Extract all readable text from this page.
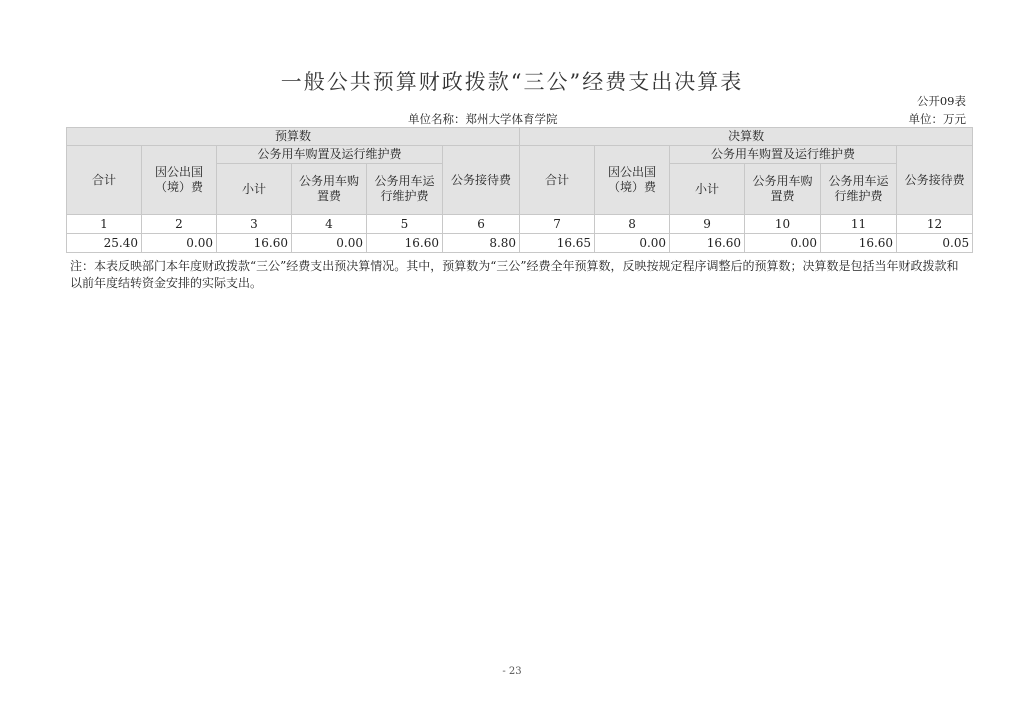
一般公共预算财政拨款“三公”经费支出决算表
公开09表
单位名称：郑州大学体育学院	单位：万元
预算数						决算数					
合计	因公出国（境）费	公务用车购置及运行维护费			公务接待费	合计	因公出国（境）费	公务用车购置及运行维护费			公务接待费
		小计	公务用车购置费	公务用车运行维护费				小计	公务用车购置费	公务用车运行维护费	
1	2	3	4	5	6	7	8	9	10	11	12
25.40	0.00	16.60	0.00	16.60	8.80	16.65	0.00	16.60	0.00	16.60	0.05
注：本表反映部门本年度财政拨款“三公”经费支出预决算情况。其中，预算数为“三公”经费全年预算数，反映按规定程序调整后的预算数；决算数是包括当年财政拨款和以前年度结转资金安排的实际支出。
- 23
